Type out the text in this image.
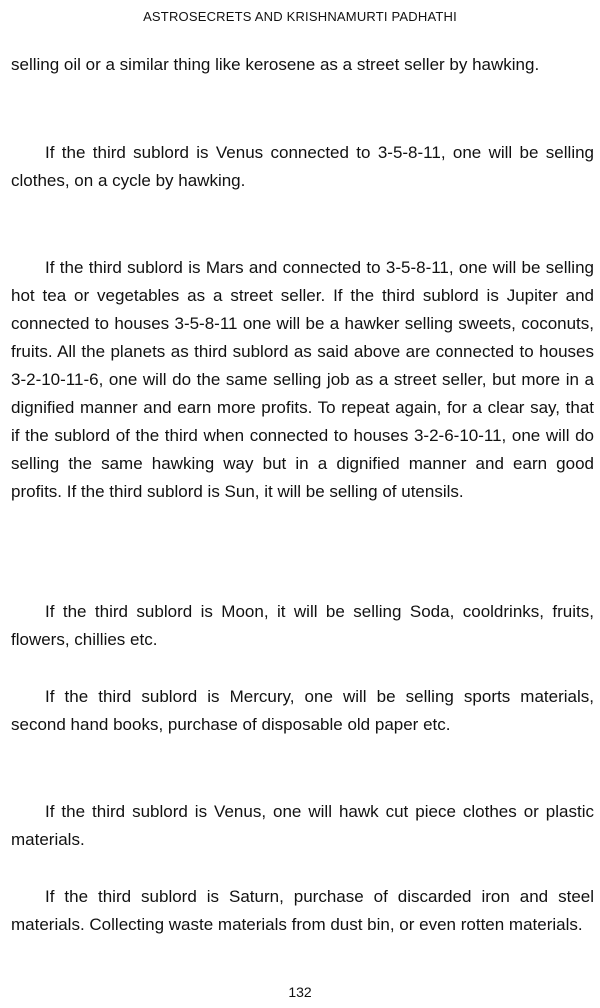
ASTROSECRETS AND KRISHNAMURTI PADHATHI

selling oil or a similar thing like kerosene as a street seller by hawking.

If the third sublord is Venus connected to 3-5-8-11, one will be selling clothes, on a cycle by hawking.

If the third sublord is Mars and connected to 3-5-8-11, one will be selling hot tea or vegetables as a street seller. If the third sublord is Jupiter and connected to houses 3-5-8-11 one will be a hawker selling sweets, coconuts, fruits. All the planets as third sublord as said above are connected to houses 3-2-10-11-6, one will do the same selling job as a street seller, but more in a dignified manner and earn more profits. To repeat again, for a clear say, that if the sublord of the third when connected to houses 3-2-6-10-11, one will do selling the same hawking way but in a dignified manner and earn good profits. If the third sublord is Sun, it will be selling of utensils.

If the third sublord is Moon, it will be selling Soda, cooldrinks, fruits, flowers, chillies etc.

If the third sublord is Mercury, one will be selling sports materials, second hand books, purchase of disposable old paper etc.

If the third sublord is Venus, one will hawk cut piece clothes or plastic materials.

If the third sublord is Saturn, purchase of discarded iron and steel materials. Collecting waste materials from dust bin, or even rotten materials.

132
